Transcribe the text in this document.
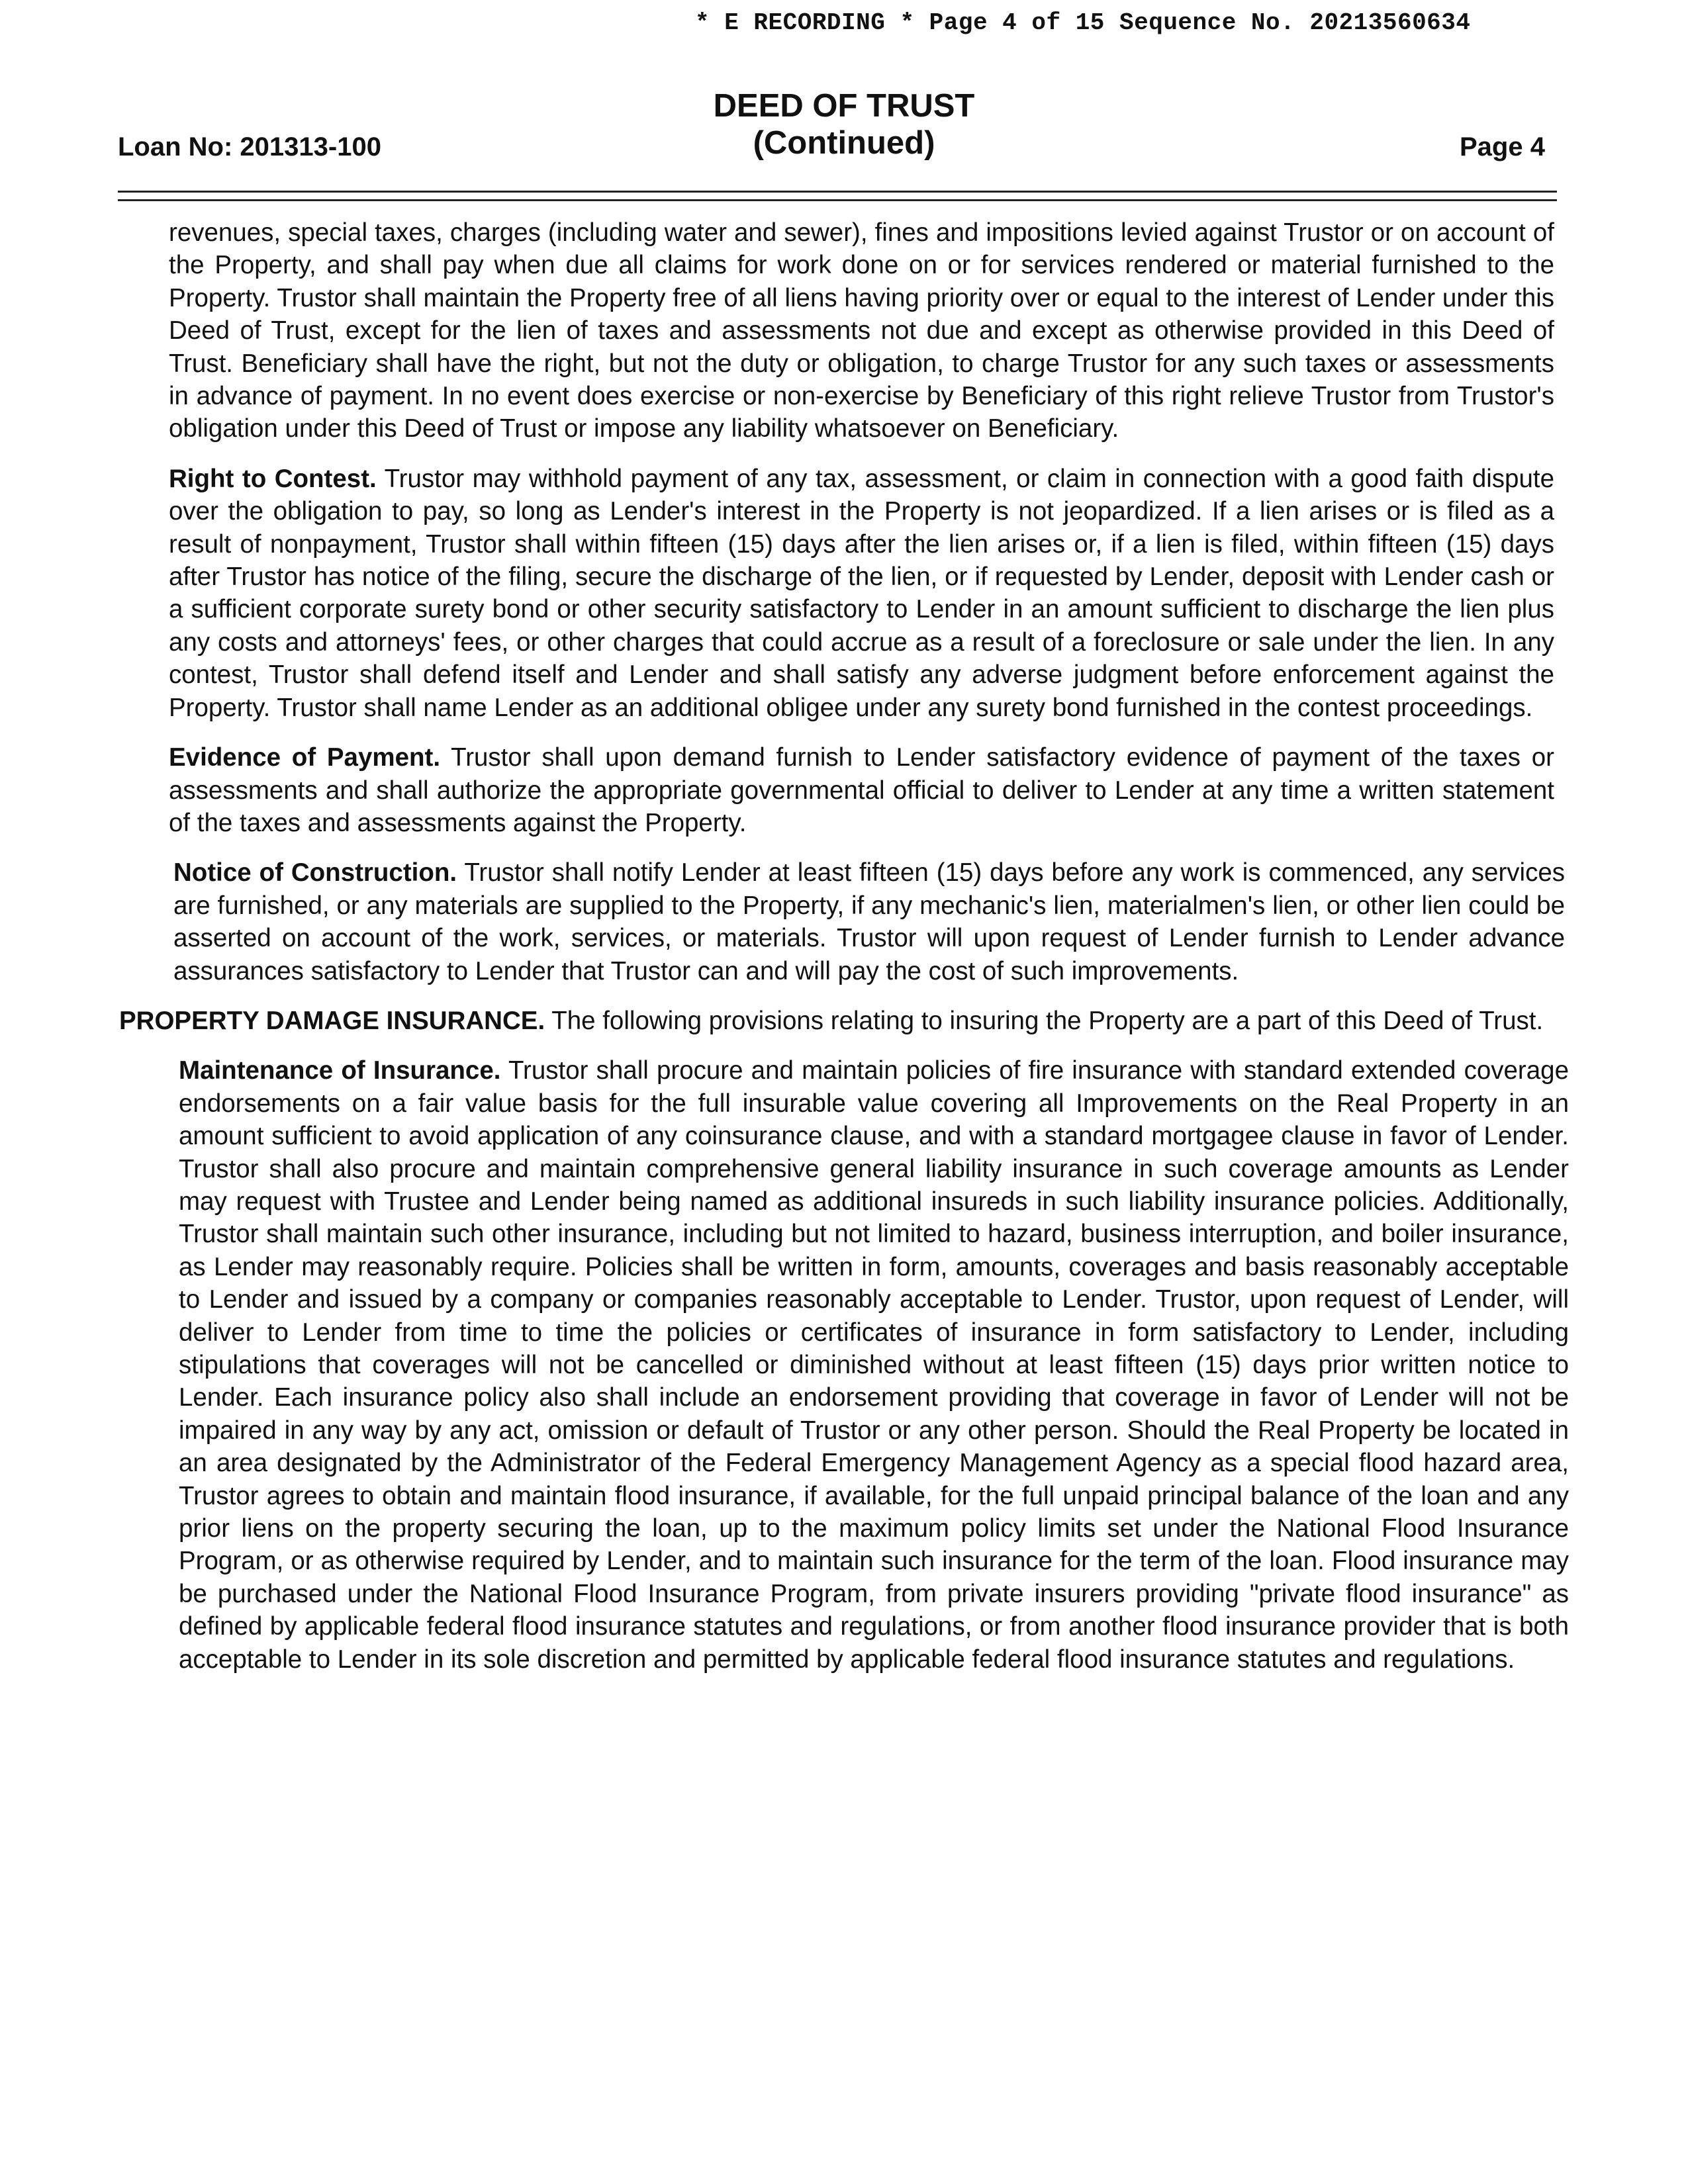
* E RECORDING * Page 4 of 15 Sequence No. 20213560634
DEED OF TRUST
(Continued)
Loan No: 201313-100	Page 4

revenues, special taxes, charges (including water and sewer), fines and impositions levied against Trustor or on account of the Property, and shall pay when due all claims for work done on or for services rendered or material furnished to the Property. Trustor shall maintain the Property free of all liens having priority over or equal to the interest of Lender under this Deed of Trust, except for the lien of taxes and assessments not due and except as otherwise provided in this Deed of Trust. Beneficiary shall have the right, but not the duty or obligation, to charge Trustor for any such taxes or assessments in advance of payment. In no event does exercise or non-exercise by Beneficiary of this right relieve Trustor from Trustor's obligation under this Deed of Trust or impose any liability whatsoever on Beneficiary.

Right to Contest. Trustor may withhold payment of any tax, assessment, or claim in connection with a good faith dispute over the obligation to pay, so long as Lender's interest in the Property is not jeopardized. If a lien arises or is filed as a result of nonpayment, Trustor shall within fifteen (15) days after the lien arises or, if a lien is filed, within fifteen (15) days after Trustor has notice of the filing, secure the discharge of the lien, or if requested by Lender, deposit with Lender cash or a sufficient corporate surety bond or other security satisfactory to Lender in an amount sufficient to discharge the lien plus any costs and attorneys' fees, or other charges that could accrue as a result of a foreclosure or sale under the lien. In any contest, Trustor shall defend itself and Lender and shall satisfy any adverse judgment before enforcement against the Property. Trustor shall name Lender as an additional obligee under any surety bond furnished in the contest proceedings.

Evidence of Payment. Trustor shall upon demand furnish to Lender satisfactory evidence of payment of the taxes or assessments and shall authorize the appropriate governmental official to deliver to Lender at any time a written statement of the taxes and assessments against the Property.

Notice of Construction. Trustor shall notify Lender at least fifteen (15) days before any work is commenced, any services are furnished, or any materials are supplied to the Property, if any mechanic's lien, materialmen's lien, or other lien could be asserted on account of the work, services, or materials. Trustor will upon request of Lender furnish to Lender advance assurances satisfactory to Lender that Trustor can and will pay the cost of such improvements.

PROPERTY DAMAGE INSURANCE. The following provisions relating to insuring the Property are a part of this Deed of Trust.

Maintenance of Insurance. Trustor shall procure and maintain policies of fire insurance with standard extended coverage endorsements on a fair value basis for the full insurable value covering all Improvements on the Real Property in an amount sufficient to avoid application of any coinsurance clause, and with a standard mortgagee clause in favor of Lender. Trustor shall also procure and maintain comprehensive general liability insurance in such coverage amounts as Lender may request with Trustee and Lender being named as additional insureds in such liability insurance policies. Additionally, Trustor shall maintain such other insurance, including but not limited to hazard, business interruption, and boiler insurance, as Lender may reasonably require. Policies shall be written in form, amounts, coverages and basis reasonably acceptable to Lender and issued by a company or companies reasonably acceptable to Lender. Trustor, upon request of Lender, will deliver to Lender from time to time the policies or certificates of insurance in form satisfactory to Lender, including stipulations that coverages will not be cancelled or diminished without at least fifteen (15) days prior written notice to Lender. Each insurance policy also shall include an endorsement providing that coverage in favor of Lender will not be impaired in any way by any act, omission or default of Trustor or any other person. Should the Real Property be located in an area designated by the Administrator of the Federal Emergency Management Agency as a special flood hazard area, Trustor agrees to obtain and maintain flood insurance, if available, for the full unpaid principal balance of the loan and any prior liens on the property securing the loan, up to the maximum policy limits set under the National Flood Insurance Program, or as otherwise required by Lender, and to maintain such insurance for the term of the loan. Flood insurance may be purchased under the National Flood Insurance Program, from private insurers providing "private flood insurance" as defined by applicable federal flood insurance statutes and regulations, or from another flood insurance provider that is both acceptable to Lender in its sole discretion and permitted by applicable federal flood insurance statutes and regulations.
